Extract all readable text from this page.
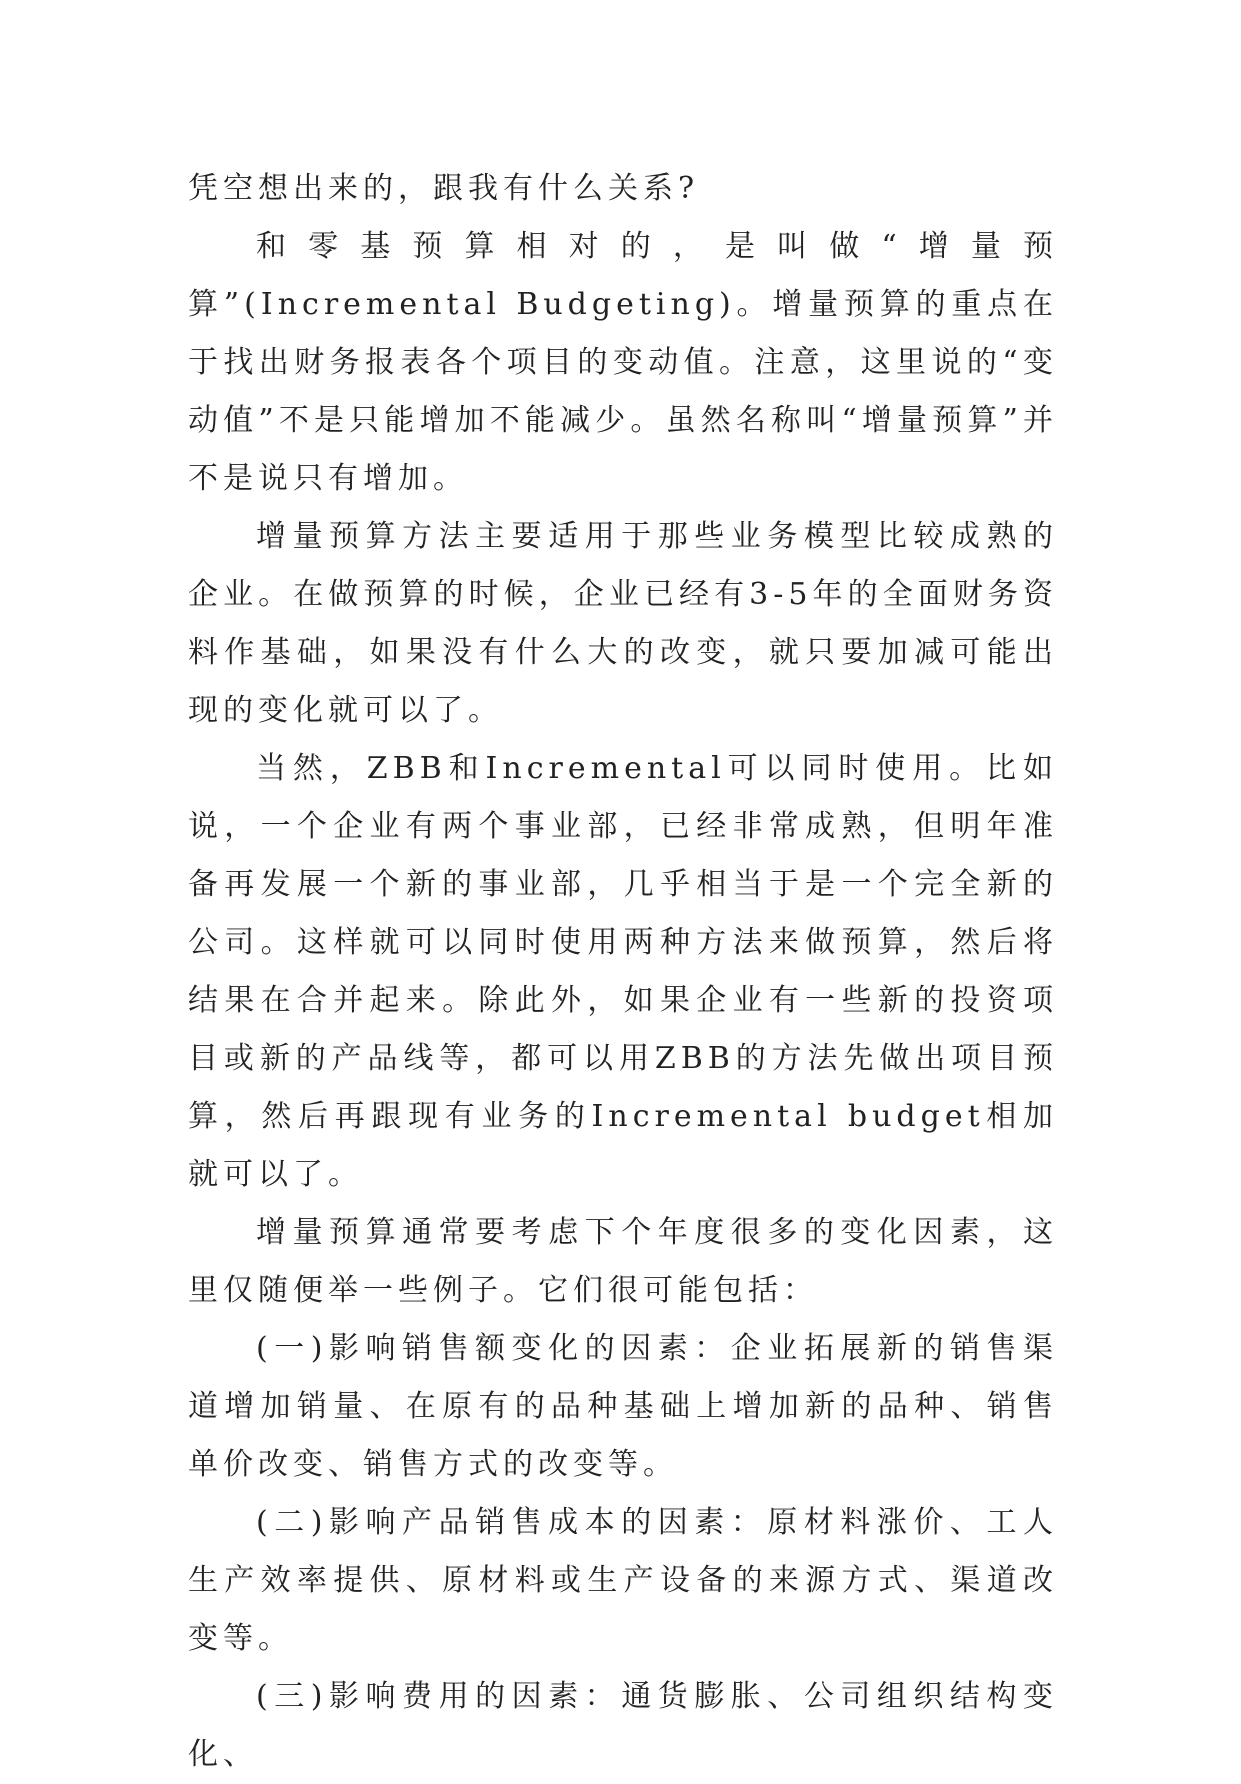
凭空想出来的，跟我有什么关系?

和零基预算相对的，是叫做“增量预算”(Incremental Budgeting)。增量预算的重点在于找出财务报表各个项目的变动值。注意，这里说的“变动值”不是只能增加不能减少。虽然名称叫“增量预算”并不是说只有增加。

增量预算方法主要适用于那些业务模型比较成熟的企业。在做预算的时候，企业已经有3-5年的全面财务资料作基础，如果没有什么大的改变，就只要加减可能出现的变化就可以了。

当然，ZBB和Incremental可以同时使用。比如说，一个企业有两个事业部，已经非常成熟，但明年准备再发展一个新的事业部，几乎相当于是一个完全新的公司。这样就可以同时使用两种方法来做预算，然后将结果在合并起来。除此外，如果企业有一些新的投资项目或新的产品线等，都可以用ZBB的方法先做出项目预算，然后再跟现有业务的Incremental budget相加就可以了。

增量预算通常要考虑下个年度很多的变化因素，这里仅随便举一些例子。它们很可能包括：

(一)影响销售额变化的因素：企业拓展新的销售渠道增加销量、在原有的品种基础上增加新的品种、销售单价改变、销售方式的改变等。

(二)影响产品销售成本的因素：原材料涨价、工人生产效率提供、原材料或生产设备的来源方式、渠道改变等。

(三)影响费用的因素：通货膨胀、公司组织结构变化、
